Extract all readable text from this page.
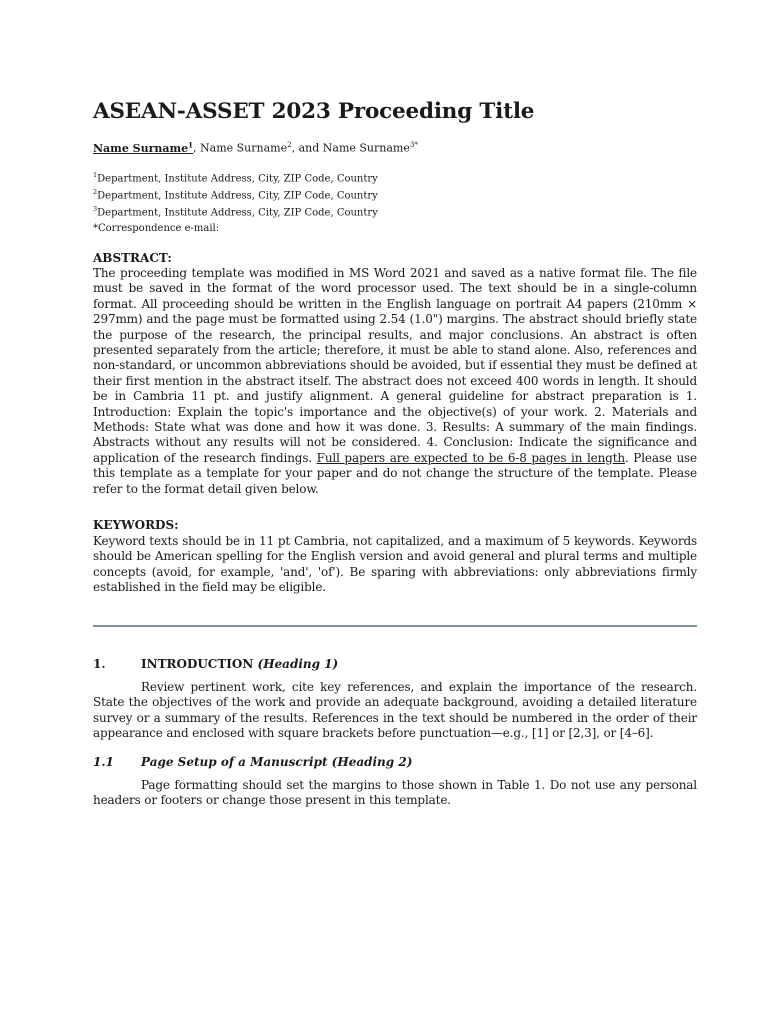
ASEAN-ASSET 2023 Proceeding Title
Name Surname$^1$, Name Surname$^2$, and Name Surname$^{3*}$
$^1$Department, Institute Address, City, ZIP Code, Country
$^2$Department, Institute Address, City, ZIP Code, Country
$^3$Department, Institute Address, City, ZIP Code, Country
*Correspondence e-mail:
ABSTRACT:

The proceeding template was modified in MS Word 2021 and saved as a native format file. The file must be saved in the format of the word processor used. The text should be in a single-column format. All proceeding should be written in the English language on portrait A4 papers (210mm × 297mm) and the page must be formatted using 2.54 (1.0") margins. The abstract should briefly state the purpose of the research, the principal results, and major conclusions. An abstract is often presented separately from the article; therefore, it must be able to stand alone. Also, references and non-standard, or uncommon abbreviations should be avoided, but if essential they must be defined at their first mention in the abstract itself. The abstract does not exceed 400 words in length. It should be in Cambria 11 pt. and justify alignment. A general guideline for abstract preparation is 1. Introduction: Explain the topic's importance and the objective(s) of your work. 2. Materials and Methods: State what was done and how it was done. 3. Results: A summary of the main findings. Abstracts without any results will not be considered. 4. Conclusion: Indicate the significance and application of the research findings. Full papers are expected to be 6-8 pages in length. Please use this template as a template for your paper and do not change the structure of the template. Please refer to the format detail given below.

KEYWORDS:

Keyword texts should be in 11 pt Cambria, not capitalized, and a maximum of 5 keywords. Keywords should be American spelling for the English version and avoid general and plural terms and multiple concepts (avoid, for example, 'and', 'of'). Be sparing with abbreviations: only abbreviations firmly established in the field may be eligible.

1.	INTRODUCTION (Heading 1)

Review pertinent work, cite key references, and explain the importance of the research. State the objectives of the work and provide an adequate background, avoiding a detailed literature survey or a summary of the results. References in the text should be numbered in the order of their appearance and enclosed with square brackets before punctuation—e.g., [1] or [2,3], or [4–6].

1.1 Page Setup of a Manuscript (Heading 2)

Page formatting should set the margins to those shown in Table 1. Do not use any personal headers or footers or change those present in this template.
